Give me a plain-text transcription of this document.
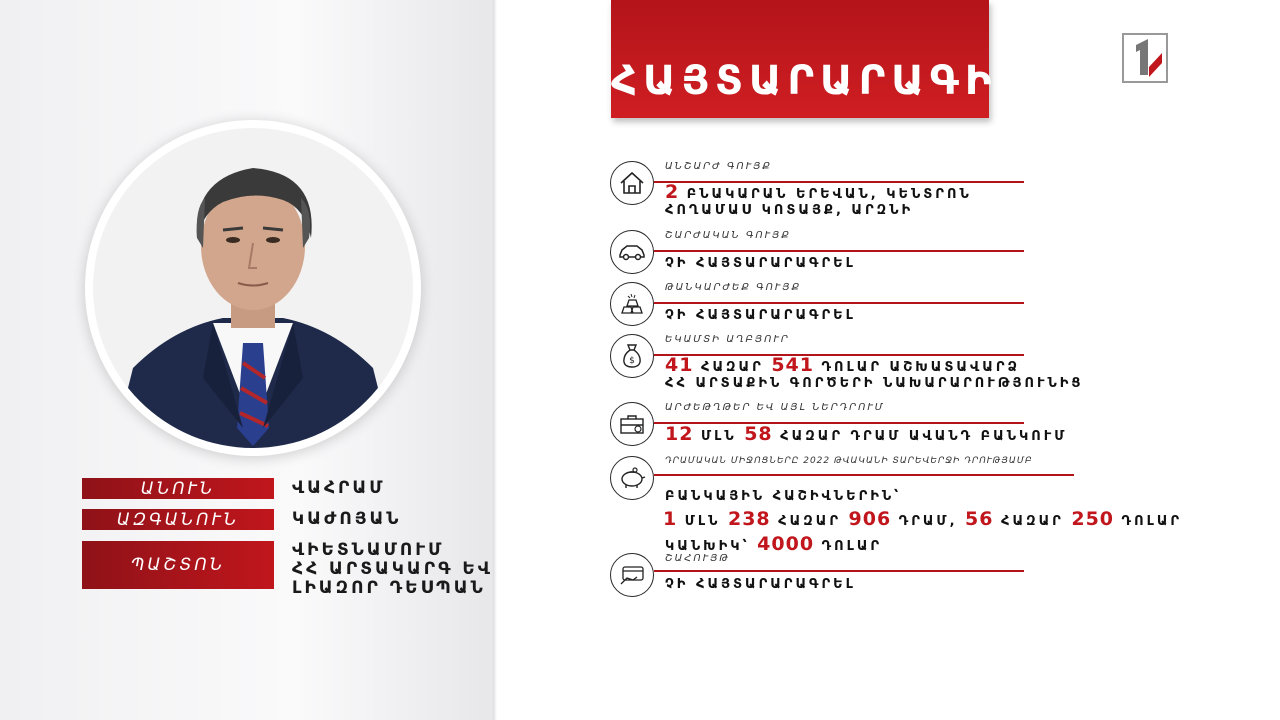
ԱՆՈՒՆ	ՎԱՀՐԱՄ
ԱԶԳԱՆՈՒՆ	ԿԱԺՈՅԱՆ
ՊԱՇՏՈՆ
ՎԻԵՏՆԱՄՈՒՄ
ՀՀ ԱՐՏԱԿԱՐԳ ԵՎ
ԼԻԱԶՈՐ ԴԵՍՊԱՆ
ՀԱՅՏԱՐԱՐԱԳԻՐ
ԱՆՇԱՐԺ ԳՈՒՅՔ
2 ԲՆԱԿԱՐԱՆ ԵՐԵՎԱՆ, ԿԵՆՏՐՈՆ
ՀՈՂԱՄԱՍ ԿՈՏԱՅՔ, ԱՐԶՆԻ
ՇԱՐԺԱԿԱՆ ԳՈՒՅՔ
ՉԻ ՀԱՅՏԱՐԱՐԱԳՐԵԼ
ԹԱՆԿԱՐԺԵՔ ԳՈՒՅՔ
ՉԻ ՀԱՅՏԱՐԱՐԱԳՐԵԼ
$
ԵԿԱՄՏԻ ԱՂԲՅՈՒՐ
41 ՀԱԶԱՐ 541 ԴՈԼԱՐ ԱՇԽԱՏԱՎԱՐՁ
ՀՀ ԱՐՏԱՔԻՆ ԳՈՐԾԵՐԻ ՆԱԽԱՐԱՐՈՒԹՅՈՒՆԻՑ
ԱՐԺԵԹՂԹԵՐ ԵՎ ԱՅԼ ՆԵՐԴՐՈՒՄ
12 ՄԼՆ 58 ՀԱԶԱՐ ԴՐԱՄ ԱՎԱՆԴ ԲԱՆԿՈՒՄ
ԴՐԱՄԱԿԱՆ ՄԻՋՈՑՆԵՐԸ 2022 ԹՎԱԿԱՆԻ ՏԱՐԵՎԵՐՋԻ ԴՐՈՒԹՅԱՄԲ
ԲԱՆԿԱՅԻՆ ՀԱՇԻՎՆԵՐԻՆ՝
1 ՄԼՆ 238 ՀԱԶԱՐ 906 ԴՐԱՄ, 56 ՀԱԶԱՐ 250 ԴՈԼԱՐ
ԿԱՆԽԻԿ՝ 4000 ԴՈԼԱՐ
ՇԱՀՈՒՅԹ
ՉԻ ՀԱՅՏԱՐԱՐԱԳՐԵԼ
